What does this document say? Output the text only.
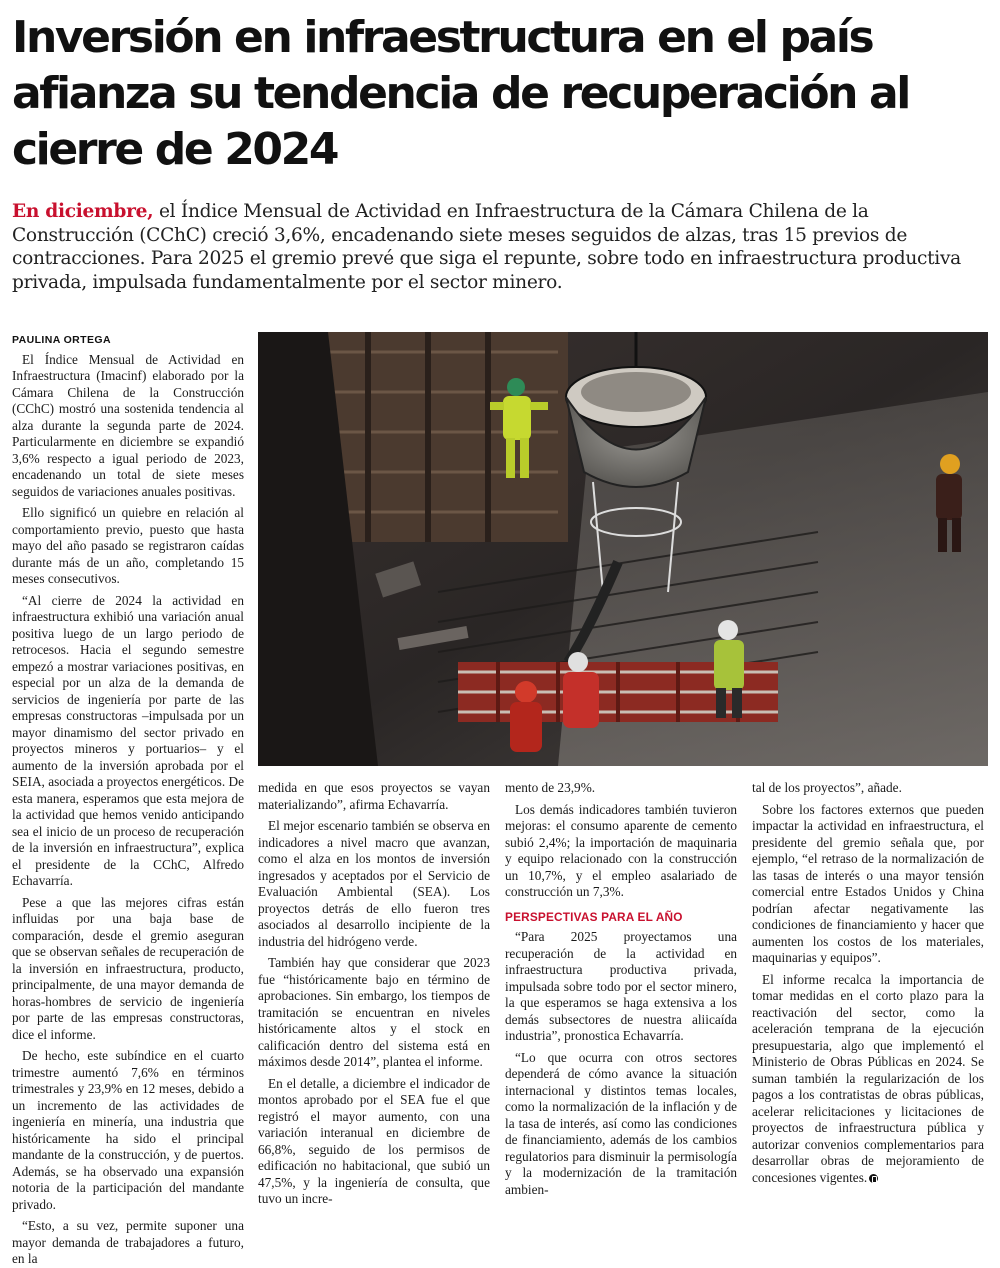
Inversión en infraestructura en el país afianza su tendencia de recuperación al cierre de 2024

En diciembre, el Índice Mensual de Actividad en Infraestructura de la Cámara Chilena de la Construcción (CChC) creció 3,6%, encadenando siete meses seguidos de alzas, tras 15 previos de contracciones. Para 2025 el gremio prevé que siga el repunte, sobre todo en infraestructura productiva privada, impulsada fundamentalmente por el sector minero.

PAULINA ORTEGA

El Índice Mensual de Actividad en Infraestructura (Imacinf) elaborado por la Cámara Chilena de la Construcción (CChC) mostró una sostenida tendencia al alza durante la segunda parte de 2024. Particularmente en diciembre se expandió 3,6% respecto a igual periodo de 2023, encadenando un total de siete meses seguidos de variaciones anuales positivas.

Ello significó un quiebre en relación al comportamiento previo, puesto que hasta mayo del año pasado se registraron caídas durante más de un año, completando 15 meses consecutivos.

“Al cierre de 2024 la actividad en infraestructura exhibió una variación anual positiva luego de un largo periodo de retrocesos. Hacia el segundo semestre empezó a mostrar variaciones positivas, en especial por un alza de la demanda de servicios de ingeniería por parte de las empresas constructoras –impulsada por un mayor dinamismo del sector privado en proyectos mineros y portuarios– y el aumento de la inversión aprobada por el SEIA, asociada a proyectos energéticos. De esta manera, esperamos que esta mejora de la actividad que hemos venido anticipando sea el inicio de un proceso de recuperación de la inversión en infraestructura”, explica el presidente de la CChC, Alfredo Echavarría.

Pese a que las mejores cifras están influidas por una baja base de comparación, desde el gremio aseguran que se observan señales de recuperación de la inversión en infraestructura, producto, principalmente, de una mayor demanda de horas-hombres de servicio de ingeniería por parte de las empresas constructoras, dice el informe.

De hecho, este subíndice en el cuarto trimestre aumentó 7,6% en términos trimestrales y 23,9% en 12 meses, debido a un incremento de las actividades de ingeniería en minería, una industria que históricamente ha sido el principal mandante de la construcción, y de puertos. Además, se ha observado una expansión notoria de la participación del mandante privado.

“Esto, a su vez, permite suponer una mayor demanda de trabajadores a futuro, en la

medida en que esos proyectos se vayan materializando”, afirma Echavarría.

El mejor escenario también se observa en indicadores a nivel macro que avanzan, como el alza en los montos de inversión ingresados y aceptados por el Servicio de Evaluación Ambiental (SEA). Los proyectos detrás de ello fueron tres asociados al desarrollo incipiente de la industria del hidrógeno verde.

También hay que considerar que 2023 fue “históricamente bajo en término de aprobaciones. Sin embargo, los tiempos de tramitación se encuentran en niveles históricamente altos y el stock en calificación dentro del sistema está en máximos desde 2014”, plantea el informe.

En el detalle, a diciembre el indicador de montos aprobado por el SEA fue el que registró el mayor aumento, con una variación interanual en diciembre de 66,8%, seguido de los permisos de edificación no habitacional, que subió un 47,5%, y la ingeniería de consulta, que tuvo un incre-

mento de 23,9%.

Los demás indicadores también tuvieron mejoras: el consumo aparente de cemento subió 2,4%; la importación de maquinaria y equipo relacionado con la construcción un 10,7%, y el empleo asalariado de construcción un 7,3%.

PERSPECTIVAS PARA EL AÑO

“Para 2025 proyectamos una recuperación de la actividad en infraestructura productiva privada, impulsada sobre todo por el sector minero, la que esperamos se haga extensiva a los demás subsectores de nuestra aliicaída industria”, pronostica Echavarría.

“Lo que ocurra con otros sectores dependerá de cómo avance la situación internacional y distintos temas locales, como la normalización de la inflación y de la tasa de interés, así como las condiciones de financiamiento, además de los cambios regulatorios para disminuir la permisología y la modernización de la tramitación ambien-

tal de los proyectos”, añade.

Sobre los factores externos que pueden impactar la actividad en infraestructura, el presidente del gremio señala que, por ejemplo, “el retraso de la normalización de las tasas de interés o una mayor tensión comercial entre Estados Unidos y China podrían afectar negativamente las condiciones de financiamiento y hacer que aumenten los costos de los materiales, maquinarias y equipos”.

El informe recalca la importancia de tomar medidas en el corto plazo para la reactivación del sector, como la aceleración temprana de la ejecución presupuestaria, algo que implementó el Ministerio de Obras Públicas en 2024. Se suman también la regularización de los pagos a los contratistas de obras públicas, acelerar relicitaciones y licitaciones de proyectos de infraestructura pública y autorizar convenios complementarios para desarrollar obras de mejoramiento de concesiones vigentes.
